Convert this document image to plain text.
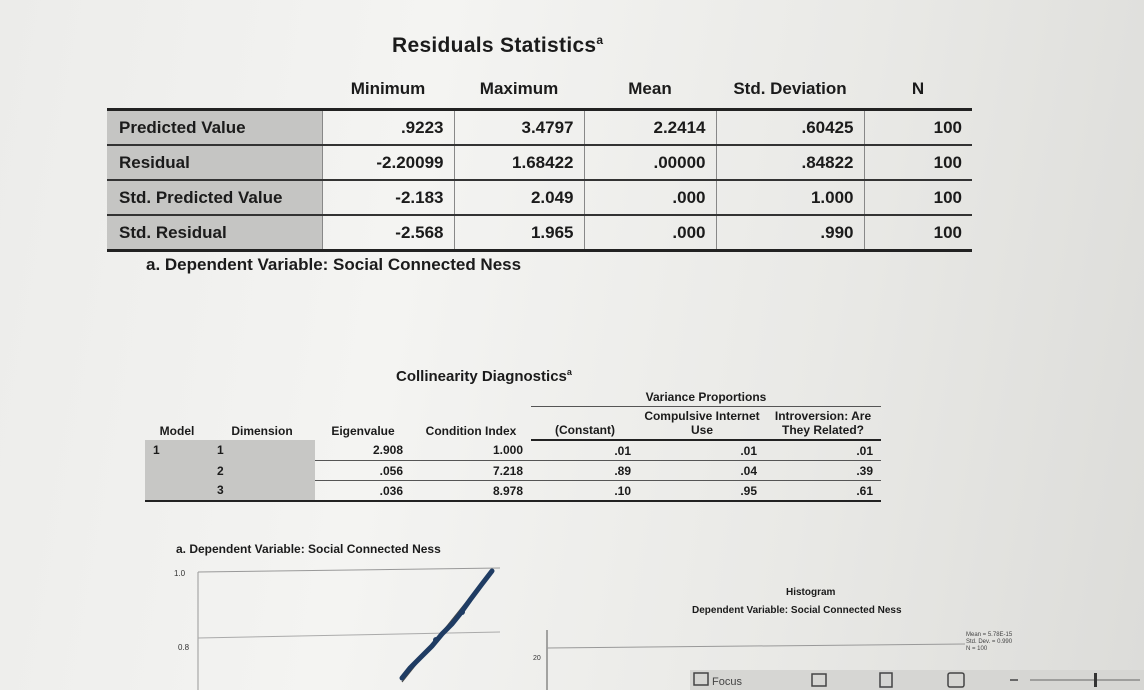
Residuals Statistics$^a$
	Minimum	Maximum	Mean	Std. Deviation	N
Predicted Value	.9223	3.4797	2.2414	.60425	100
Residual	-2.20099	1.68422	.00000	.84822	100
Std. Predicted Value	-2.183	2.049	.000	1.000	100
Std. Residual	-2.568	1.965	.000	.990	100
a. Dependent Variable: Social Connected Ness
Collinearity Diagnostics$^a$
Model	Dimension	Eigenvalue	Condition Index	Variance Proportions		
				(Constant)	Compulsive Internet Use	Introversion: Are They Related?
1	1	2.908	1.000	.01	.01	.01
	2	.056	7.218	.89	.04	.39
	3	.036	8.978	.10	.95	.61
a. Dependent Variable: Social Connected Ness
1.0
0.8
Histogram
Dependent Variable: Social Connected Ness
Mean = 5.78E-15
Std. Dev. = 0.990
N = 100
20
Focus
